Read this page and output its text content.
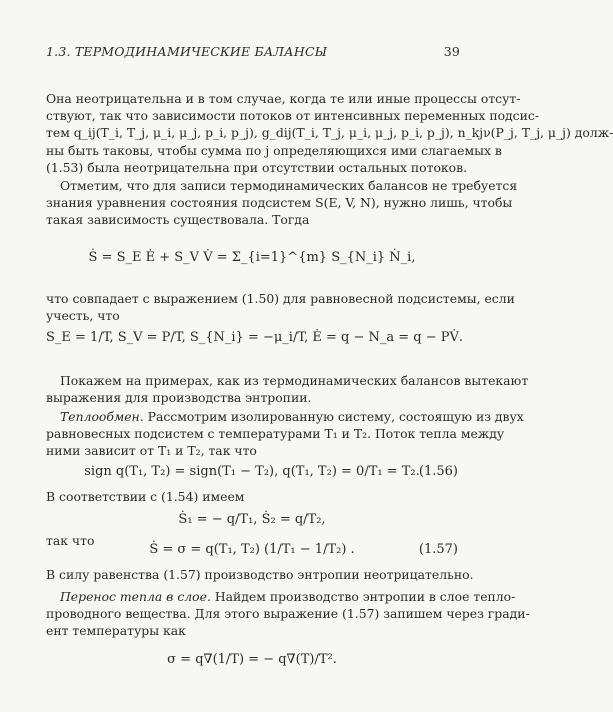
1.3. ТЕРМОДИНАМИЧЕСКИЕ БАЛАНСЫ	39
Она неотрицательна и в том случае, когда те или иные процессы отсут-
ствуют, так что зависимости потоков от интенсивных переменных подсис-
тем q_ij(T_i, T_j, μ_i, μ_j, p_i, p_j), g_dij(T_i, T_j, μ_i, μ_j, p_i, p_j), n_kjν(P_j, T_j, μ_j) долж-
ны быть таковы, чтобы сумма по j определяющихся ими слагаемых в
(1.53) была неотрицательна при отсутствии остальных потоков.
Отметим, что для записи термодинамических балансов не требуется
знания уравнения состояния подсистем S(E, V, N), нужно лишь, чтобы
такая зависимость существовала. Тогда
Ṡ = S_E Ė + S_V V̇ = Σ_{i=1}^{m} S_{N_i} Ṅ_i,
что совпадает с выражением (1.50) для равновесной подсистемы, если
учесть, что
S_E = 1/T, S_V = P/T, S_{N_i} = −μ_i/T, Ė = q − N_a = q − PV̇.
Покажем на примерах, как из термодинамических балансов вытекают
выражения для производства энтропии.
Теплообмен. Рассмотрим изолированную систему, состоящую из двух
равновесных подсистем с температурами T₁ и T₂. Поток тепла между
ними зависит от T₁ и T₂, так что
sign q(T₁, T₂) = sign(T₁ − T₂), q(T₁, T₂) = 0/T₁ = T₂. (1.56)
В соответствии с (1.54) имеем
Ṡ₁ = − q/T₁, Ṡ₂ = q/T₂,
так что
Ṡ = σ = q(T₁, T₂) (1/T₁ − 1/T₂) .	(1.57)
В силу равенства (1.57) производство энтропии неотрицательно.
Перенос тепла в слое. Найдем производство энтропии в слое тепло-
проводного вещества. Для этого выражение (1.57) запишем через гради-
ент температуры как
σ = q∇(1/T) = − q∇(T)/T².
